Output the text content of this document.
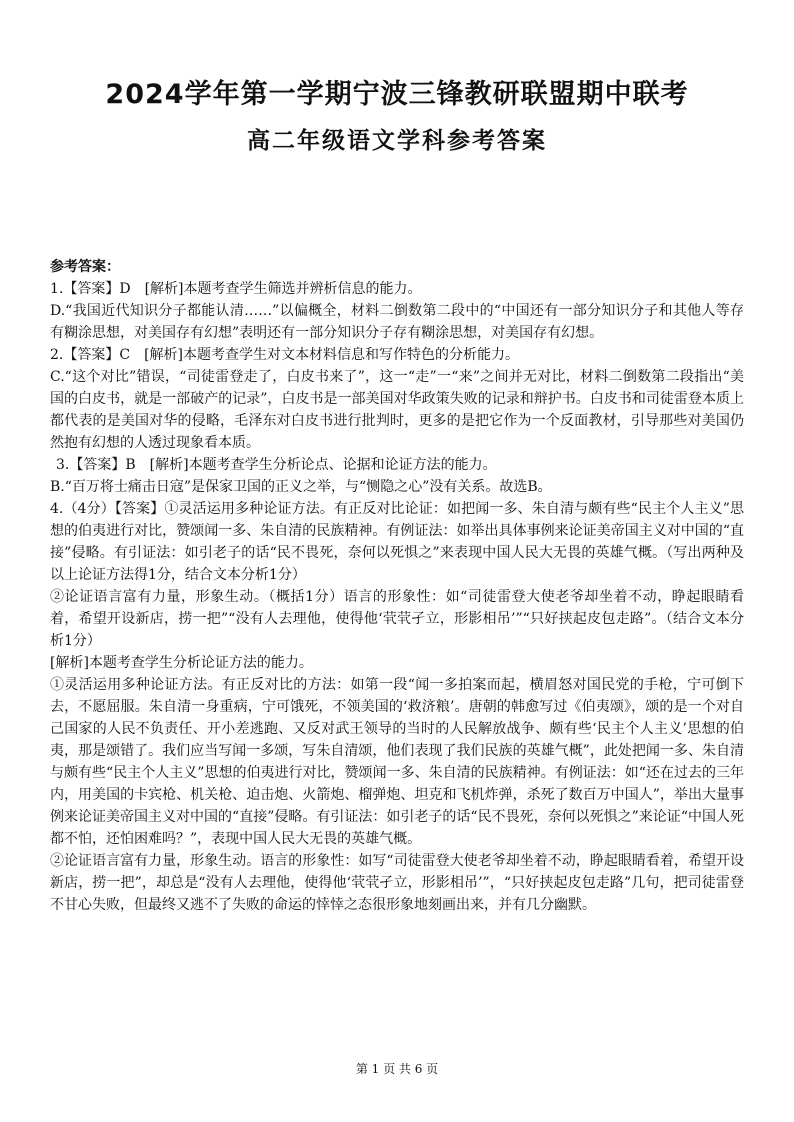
2024学年第一学期宁波三锋教研联盟期中联考
高二年级语文学科参考答案

参考答案：

1.【答案】D　[解析]本题考查学生筛选并辨析信息的能力。

D.“我国近代知识分子都能认清……”以偏概全，材料二倒数第二段中的“中国还有一部分知识分子和其他人等存有糊涂思想，对美国存有幻想”表明还有一部分知识分子存有糊涂思想，对美国存有幻想。

2.【答案】C　[解析]本题考查学生对文本材料信息和写作特色的分析能力。

C.“这个对比”错误，“司徒雷登走了，白皮书来了”，这一“走”一“来”之间并无对比，材料二倒数第二段指出“美国的白皮书，就是一部破产的记录”，白皮书是一部美国对华政策失败的记录和辩护书。白皮书和司徒雷登本质上都代表的是美国对华的侵略，毛泽东对白皮书进行批判时，更多的是把它作为一个反面教材，引导那些对美国仍然抱有幻想的人透过现象看本质。

3.【答案】B　[解析]本题考查学生分析论点、论据和论证方法的能力。

B.“百万将士痛击日寇”是保家卫国的正义之举，与“恻隐之心”没有关系。故选B。

4.（4分）【答案】①灵活运用多种论证方法。有正反对比论证：如把闻一多、朱自清与颇有些“民主个人主义”思想的伯夷进行对比，赞颂闻一多、朱自清的民族精神。有例证法：如举出具体事例来论证美帝国主义对中国的“直接”侵略。有引证法：如引老子的话“民不畏死，奈何以死惧之”来表现中国人民大无畏的英雄气概。（写出两种及以上论证方法得1分，结合文本分析1分）

②论证语言富有力量，形象生动。（概括1分）语言的形象性：如“司徒雷登大使老爷却坐着不动，睁起眼睛看着，希望开设新店，捞一把”“没有人去理他，使得他‘茕茕孑立，形影相吊’”“只好挟起皮包走路”。（结合文本分析1分）

[解析]本题考查学生分析论证方法的能力。

①灵活运用多种论证方法。有正反对比的方法：如第一段“闻一多拍案而起，横眉怒对国民党的手枪，宁可倒下去，不愿屈服。朱自清一身重病，宁可饿死，不领美国的‘救济粮’。唐朝的韩愈写过《伯夷颂》，颂的是一个对自己国家的人民不负责任、开小差逃跑、又反对武王领导的当时的人民解放战争、颇有些‘民主个人主义’思想的伯夷，那是颂错了。我们应当写闻一多颂，写朱自清颂，他们表现了我们民族的英雄气概”，此处把闻一多、朱自清与颇有些“民主个人主义”思想的伯夷进行对比，赞颂闻一多、朱自清的民族精神。有例证法：如“还在过去的三年内，用美国的卡宾枪、机关枪、迫击炮、火箭炮、榴弹炮、坦克和飞机炸弹，杀死了数百万中国人”，举出大量事例来论证美帝国主义对中国的“直接”侵略。有引证法：如引老子的话“民不畏死，奈何以死惧之”来论证“中国人死都不怕，还怕困难吗？”，表现中国人民大无畏的英雄气概。

②论证语言富有力量，形象生动。语言的形象性：如写“司徒雷登大使老爷却坐着不动，睁起眼睛看着，希望开设新店，捞一把”，却总是“没有人去理他，使得他‘茕茕孑立，形影相吊’”，“只好挟起皮包走路”几句，把司徒雷登不甘心失败，但最终又逃不了失败的命运的悻悻之态很形象地刻画出来，并有几分幽默。

第 1 页 共 6 页
